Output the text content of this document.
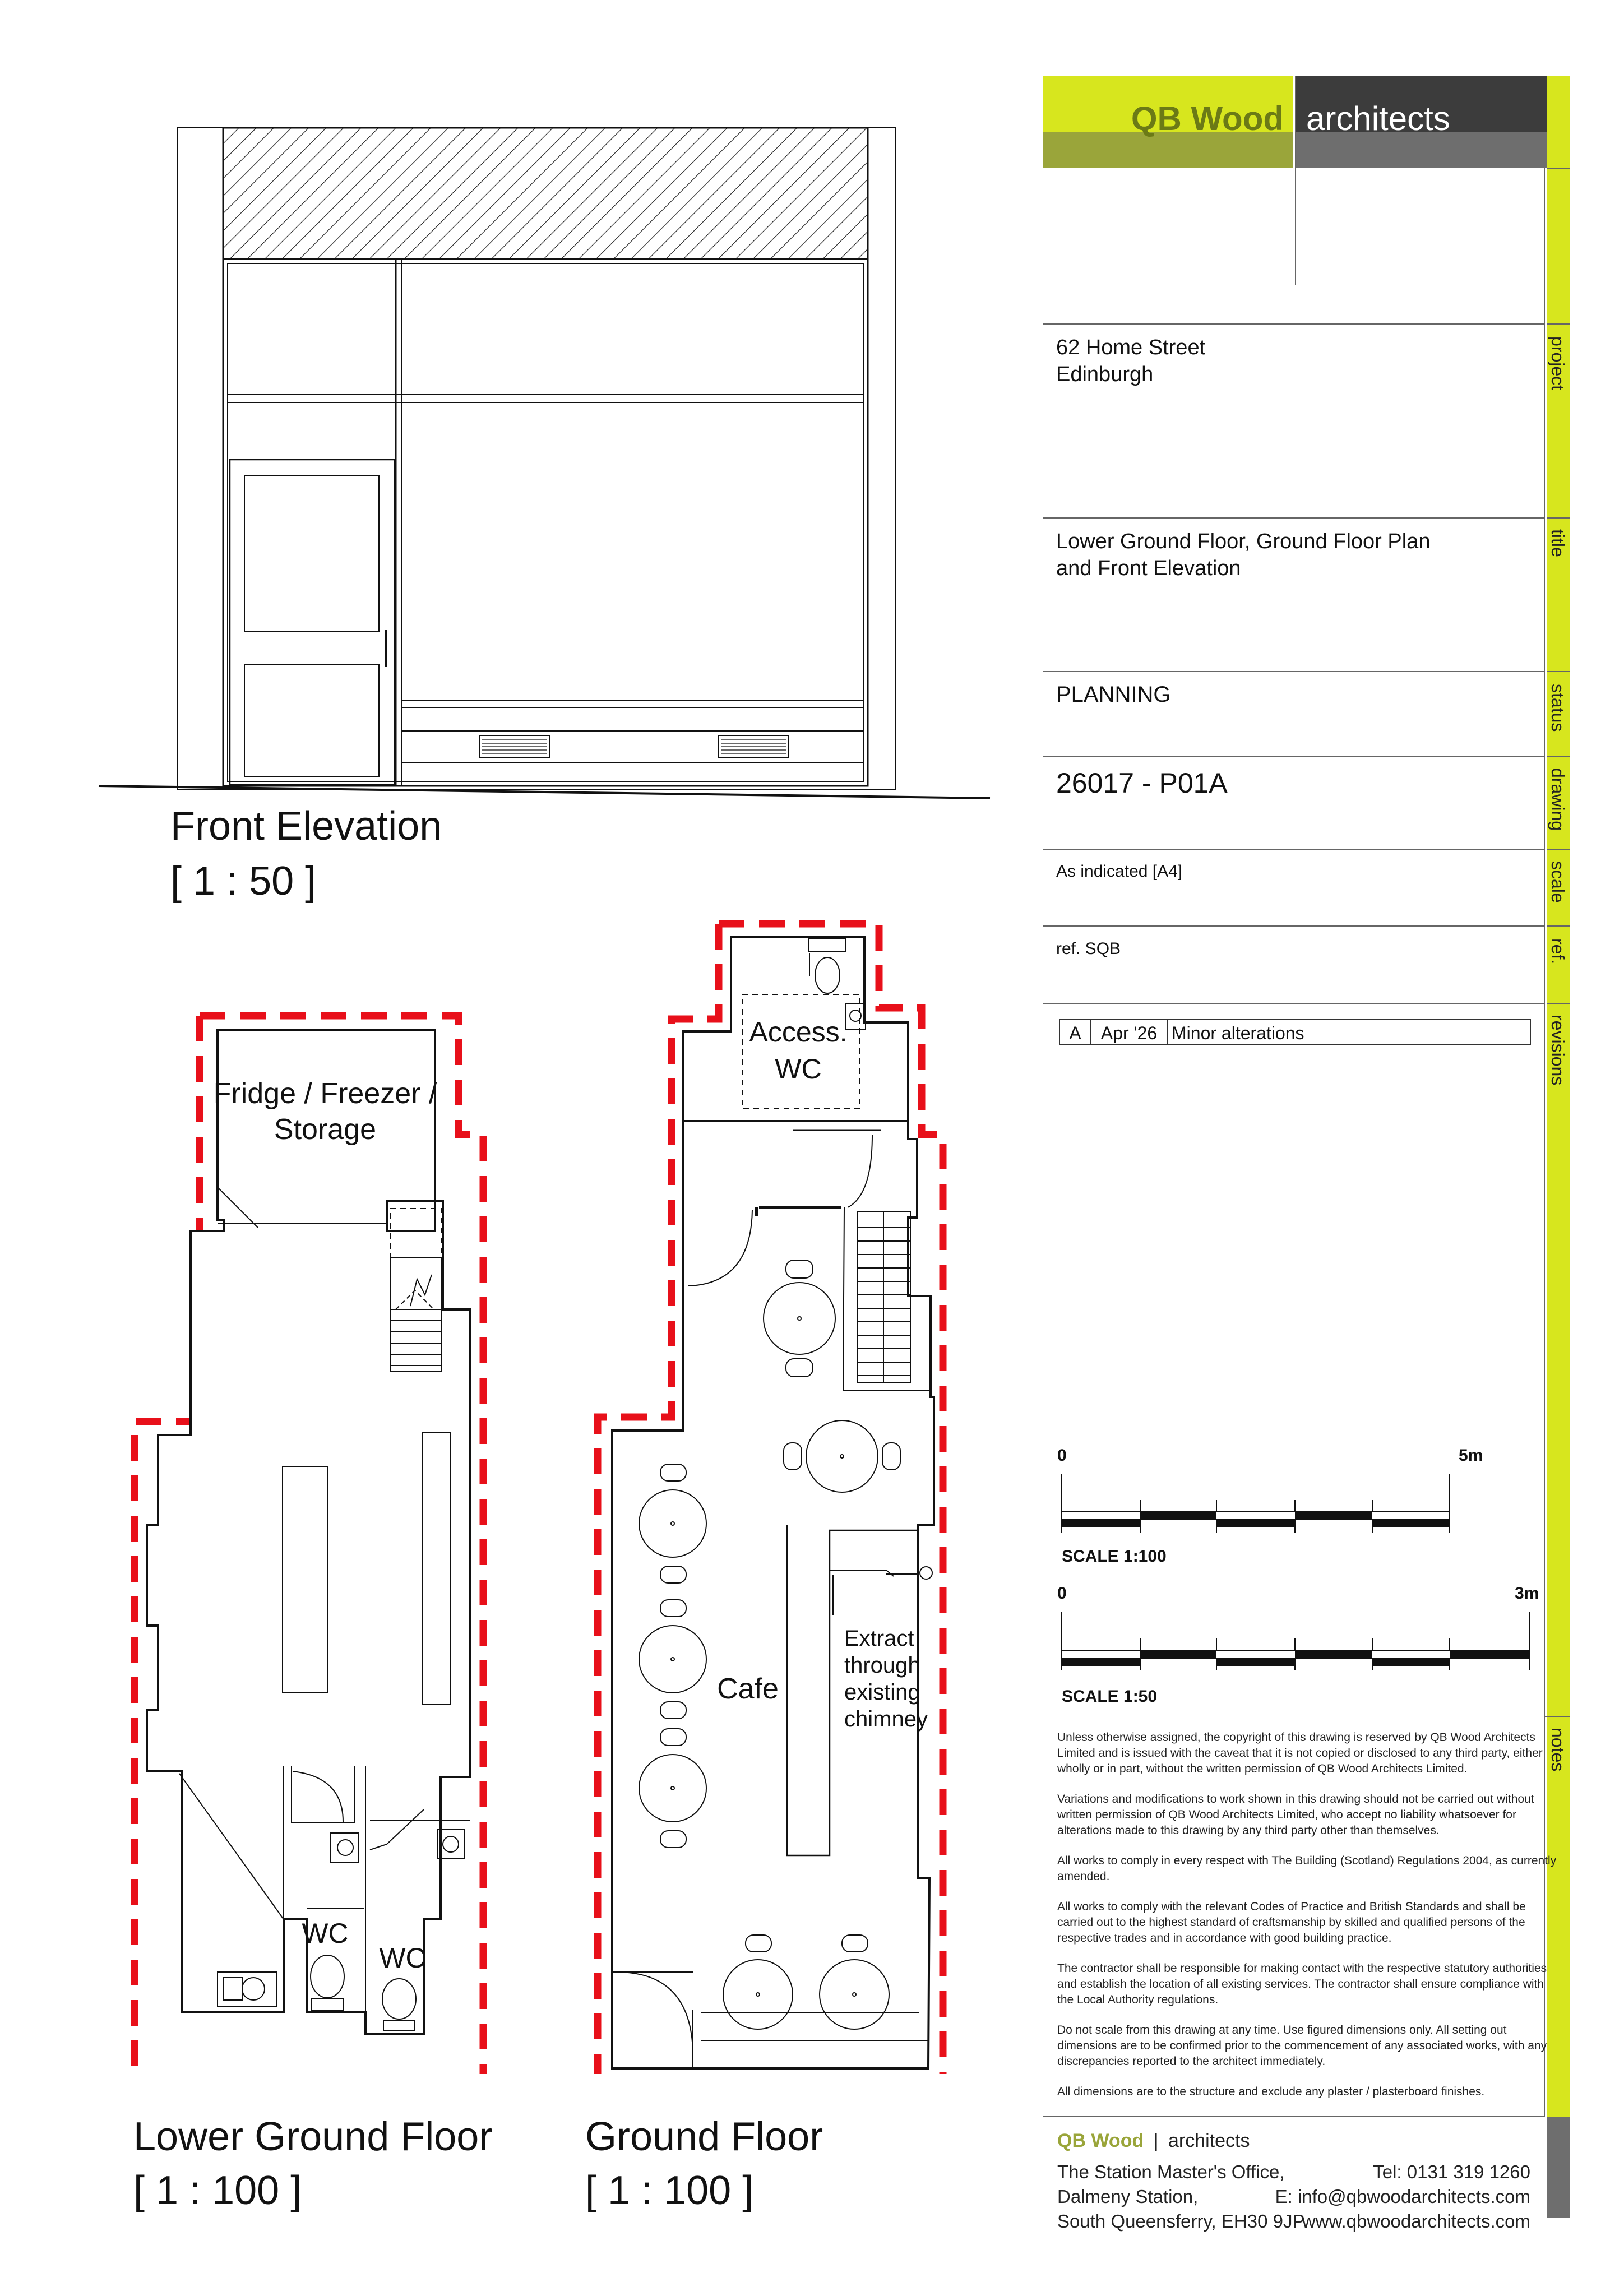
Front Elevation
[ 1 : 50 ]
Fridge / Freezer /
Storage
WC
WC
Lower Ground Floor
[ 1 : 100 ]
Access.
WC
Cafe
Extract
through
existing
chimney
Ground Floor
[ 1 : 100 ]
QB Wood architects
62 Home Street
Edinburgh
Lower Ground Floor, Ground Floor Plan
and Front Elevation
PLANNING
26017 - P01A
As indicated [A4]
ref. SQB
A Apr '26 Minor alterations
project
title
status
drawing
scale
ref.
revisions
notes
0	5m
SCALE 1:100
0	3m
SCALE 1:50
Unless otherwise assigned, the copyright of this drawing is reserved by QB Wood Architects
Limited and is issued with the caveat that it is not copied or disclosed to any third party, either
wholly or in part, without the written permission of QB Wood Architects Limited.
Variations and modifications to work shown in this drawing should not be carried out without
written permission of QB Wood Architects Limited, who accept no liability whatsoever for
alterations made to this drawing by any third party other than themselves.
All works to comply in every respect with The Building (Scotland) Regulations 2004, as currently
amended.
All works to comply with the relevant Codes of Practice and British Standards and shall be
carried out to the highest standard of craftsmanship by skilled and qualified persons of the
respective trades and in accordance with good building practice.
The contractor shall be responsible for making contact with the respective statutory authorities
and establish the location of all existing services. The contractor shall ensure compliance with
the Local Authority regulations.
Do not scale from this drawing at any time. Use figured dimensions only. All setting out
dimensions are to be confirmed prior to the commencement of any associated works, with any
discrepancies reported to the architect immediately.
All dimensions are to the structure and exclude any plaster / plasterboard finishes.
QB Wood | architects
The Station Master's Office,
Dalmeny Station,
South Queensferry, EH30 9JP
Tel: 0131 319 1260
E: info@qbwoodarchitects.com
www.qbwoodarchitects.com
